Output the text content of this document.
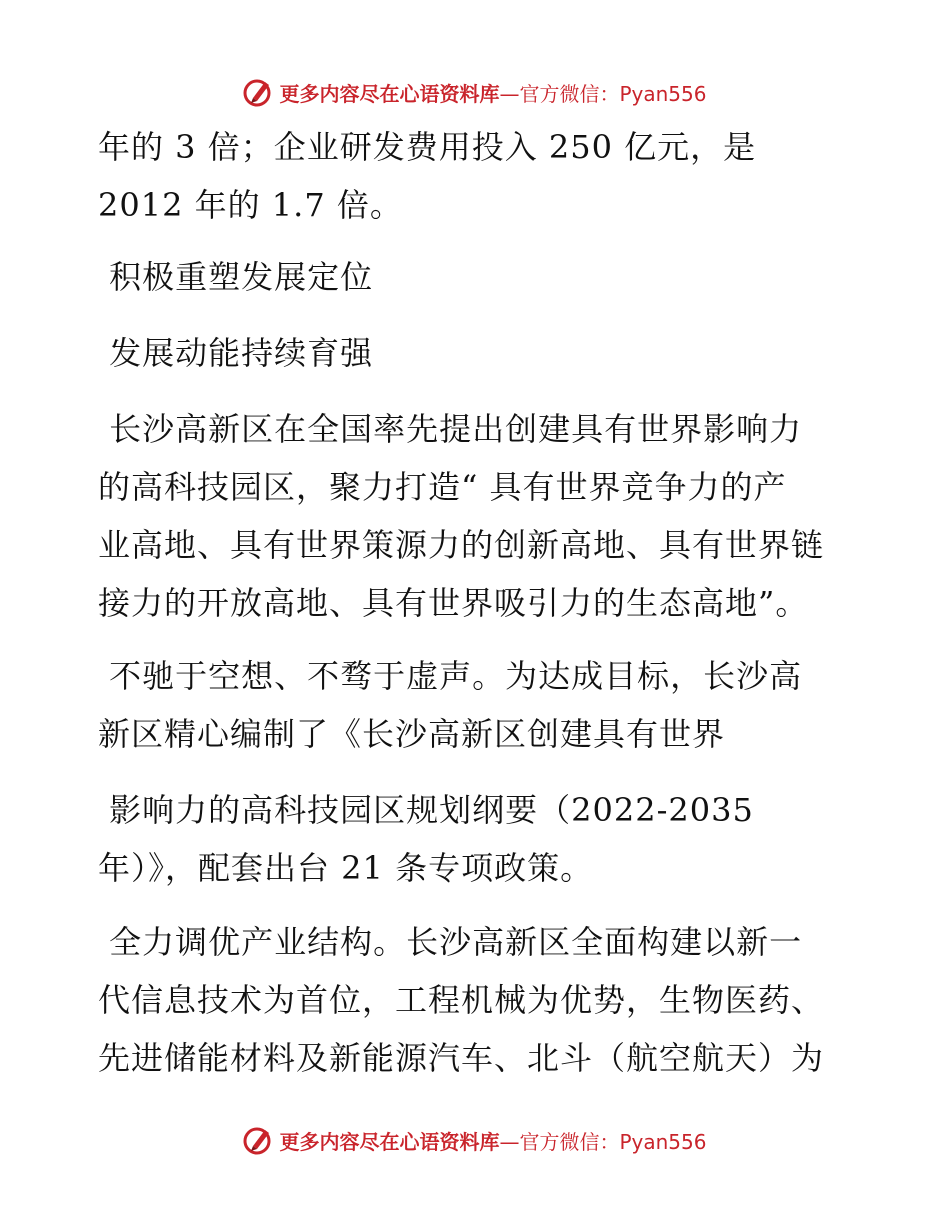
更多内容尽在心语资料库 —官方微信：Pyan556
年的 3 倍；企业研发费用投入 250 亿元，是
2012 年的 1.7 倍。
积极重塑发展定位
发展动能持续育强
长沙高新区在全国率先提出创建具有世界影响力
的高科技园区，聚力打造“ 具有世界竞争力的产
业高地、具有世界策源力的创新高地、具有世界链
接力的开放高地、具有世界吸引力的生态高地”。
不驰于空想、不骛于虚声。为达成目标，长沙高
新区精心编制了《长沙高新区创建具有世界
影响力的高科技园区规划纲要（2022-2035
年）》，配套出台 21 条专项政策。
全力调优产业结构。长沙高新区全面构建以新一
代信息技术为首位，工程机械为优势，生物医药、
先进储能材料及新能源汽车、北斗（航空航天）为
更多内容尽在心语资料库 —官方微信：Pyan556
